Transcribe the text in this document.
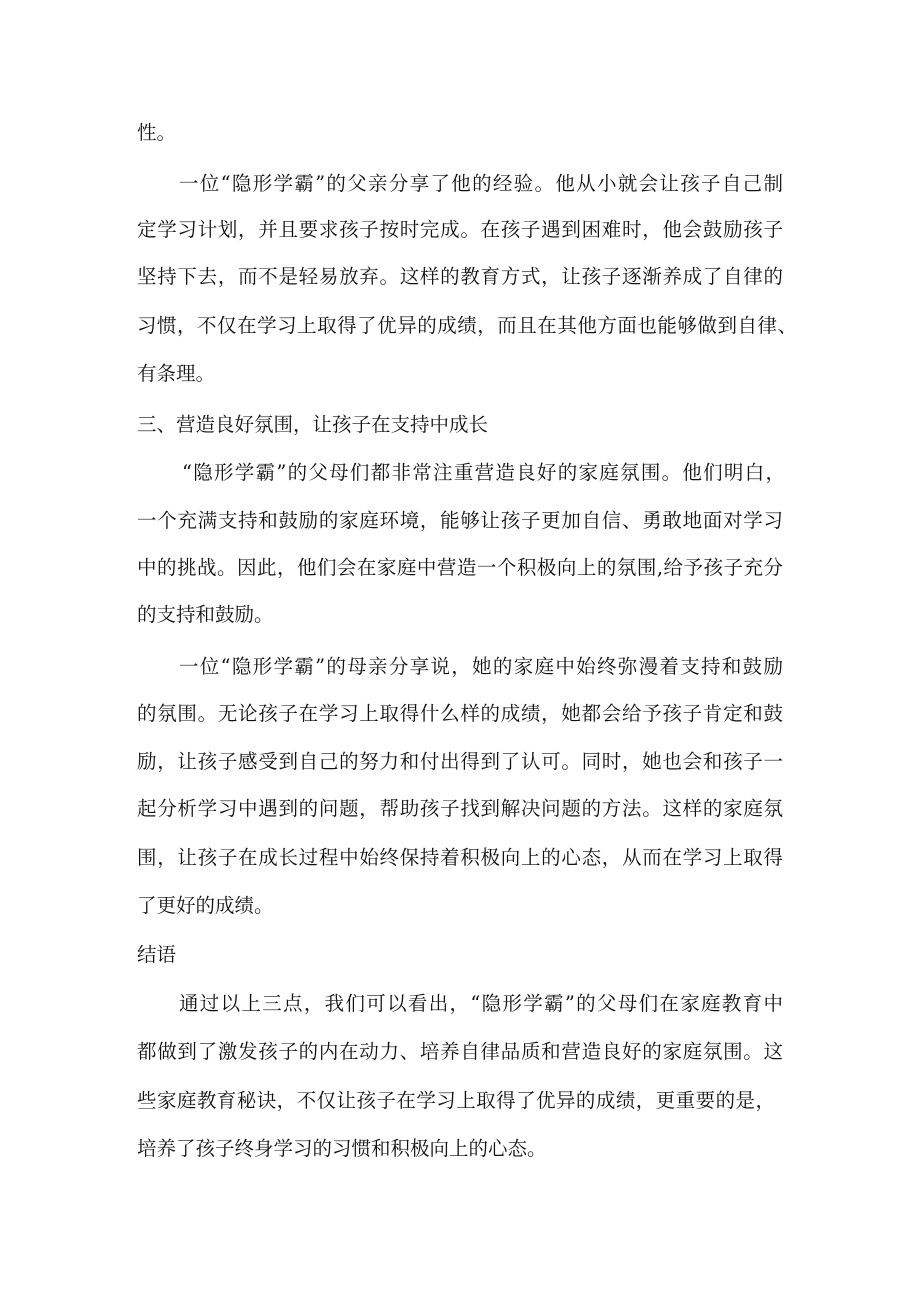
性。

一位“隐形学霸”的父亲分享了他的经验。他从小就会让孩子自己制

定学习计划，并且要求孩子按时完成。在孩子遇到困难时，他会鼓励孩子

坚持下去，而不是轻易放弃。这样的教育方式，让孩子逐渐养成了自律的

习惯，不仅在学习上取得了优异的成绩，而且在其他方面也能够做到自律、

有条理。

三、营造良好氛围，让孩子在支持中成长

“隐形学霸”的父母们都非常注重营造良好的家庭氛围。他们明白，

一个充满支持和鼓励的家庭环境，能够让孩子更加自信、勇敢地面对学习

中的挑战。因此，他们会在家庭中营造一个积极向上的氛围,给予孩子充分

的支持和鼓励。

一位“隐形学霸”的母亲分享说，她的家庭中始终弥漫着支持和鼓励

的氛围。无论孩子在学习上取得什么样的成绩，她都会给予孩子肯定和鼓

励，让孩子感受到自己的努力和付出得到了认可。同时，她也会和孩子一

起分析学习中遇到的问题，帮助孩子找到解决问题的方法。这样的家庭氛

围，让孩子在成长过程中始终保持着积极向上的心态，从而在学习上取得

了更好的成绩。

结语

通过以上三点，我们可以看出，“隐形学霸”的父母们在家庭教育中

都做到了激发孩子的内在动力、培养自律品质和营造良好的家庭氛围。这

些家庭教育秘诀，不仅让孩子在学习上取得了优异的成绩，更重要的是，

培养了孩子终身学习的习惯和积极向上的心态。
